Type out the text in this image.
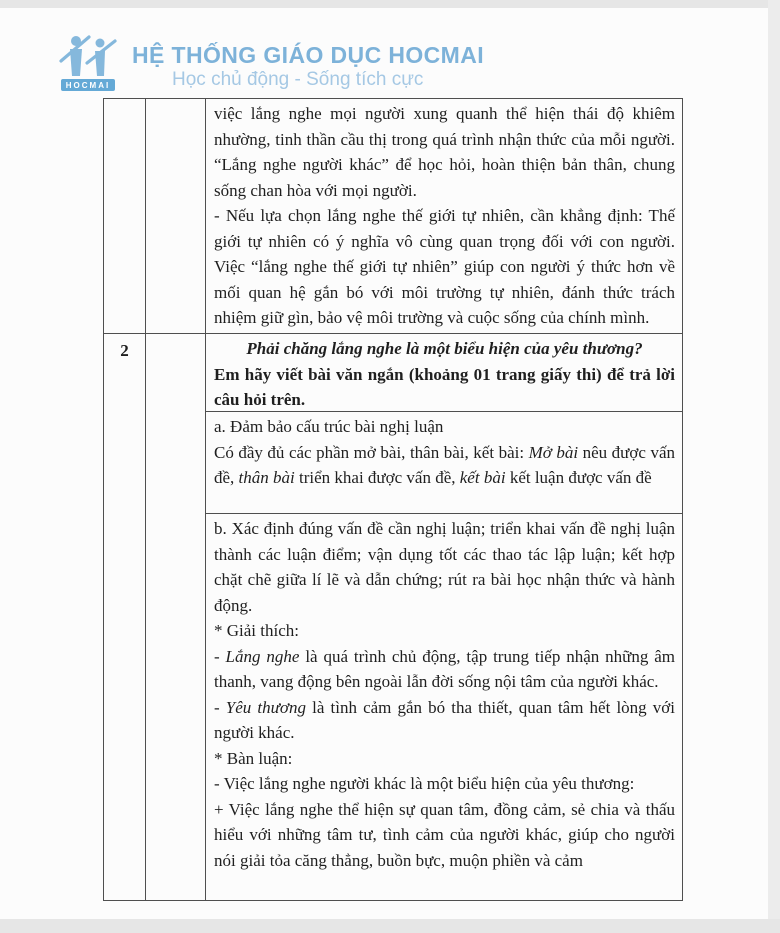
HOCMAI
HỆ THỐNG GIÁO DỤC HOCMAI
Học chủ động - Sống tích cực

việc lắng nghe mọi người xung quanh thể hiện thái độ khiêm nhường, tinh thần cầu thị trong quá trình nhận thức của mỗi người. “Lắng nghe người khác” để học hỏi, hoàn thiện bản thân, chung sống chan hòa với mọi người.

- Nếu lựa chọn lắng nghe thế giới tự nhiên, cần khẳng định: Thế giới tự nhiên có ý nghĩa vô cùng quan trọng đối với con người. Việc “lắng nghe thế giới tự nhiên” giúp con người ý thức hơn về mối quan hệ gắn bó với môi trường tự nhiên, đánh thức trách nhiệm giữ gìn, bảo vệ môi trường và cuộc sống của chính mình.

2	Phải chăng lắng nghe là một biểu hiện của yêu thương?
Em hãy viết bài văn ngắn (khoảng 01 trang giấy thi) để trả lời câu hỏi trên.
a. Đảm bảo cấu trúc bài nghị luận
Có đầy đủ các phần mở bài, thân bài, kết bài: Mở bài nêu được vấn đề, thân bài triển khai được vấn đề, kết bài kết luận được vấn đề
b. Xác định đúng vấn đề cần nghị luận; triển khai vấn đề nghị luận thành các luận điểm; vận dụng tốt các thao tác lập luận; kết hợp chặt chẽ giữa lí lẽ và dẫn chứng; rút ra bài học nhận thức và hành động.
* Giải thích:
- Lắng nghe là quá trình chủ động, tập trung tiếp nhận những âm thanh, vang động bên ngoài lẫn đời sống nội tâm của người khác.
- Yêu thương là tình cảm gắn bó tha thiết, quan tâm hết lòng với người khác.
* Bàn luận:
- Việc lắng nghe người khác là một biểu hiện của yêu thương:
+ Việc lắng nghe thể hiện sự quan tâm, đồng cảm, sẻ chia và thấu hiểu với những tâm tư, tình cảm của người khác, giúp cho người nói giải tỏa căng thẳng, buồn bực, muộn phiền và cảm
